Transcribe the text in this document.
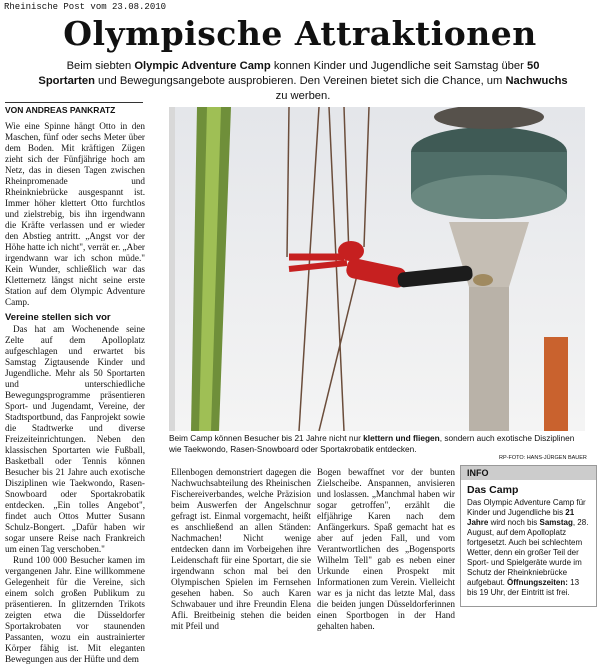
Rheinische Post vom 23.08.2010
Olympische Attraktionen
Beim siebten Olympic Adventure Camp konnen Kinder und Jugendliche seit Samstag über 50 Sportarten und Bewegungsangebote ausprobieren. Den Vereinen bietet sich die Chance, um Nachwuchs zu werben.
VON ANDREAS PANKRATZ

Wie eine Spinne hängt Otto in den Maschen, fünf oder sechs Meter über dem Boden. Mit kräftigen Zügen zieht sich der Fünfjährige hoch am Netz, das in diesen Tagen zwischen Rheinpromenade und Rheinkniebrücke ausgespannt ist. Immer höher klettert Otto furchtlos und zielstrebig, bis ihn irgendwann die Kräfte verlassen und er wieder den Abstieg antritt. „Angst vor der Höhe hatte ich nicht", verrät er. „Aber irgendwann war ich schon müde." Kein Wunder, schließlich war das Kletternetz längst nicht seine erste Station auf dem Olympic Adventure Camp.

Vereine stellen sich vor

Das hat am Wochenende seine Zelte auf dem Apolloplatz aufgeschlagen und erwartet bis Samstag Zigtausende Kinder und Jugendliche. Mehr als 50 Sportarten und unterschiedliche Bewegungsprogramme präsentieren Sport- und Jugendamt, Vereine, der Stadtsportbund, das Fanprojekt sowie die Stadtwerke und diverse Freizeiteinrichtungen. Neben den klassischen Sportarten wie Fußball, Basketball oder Tennis können Besucher bis 21 Jahre auch exotische Disziplinen wie Taekwondo, Rasen-Snowboard oder Sportakrobatik entdecken. „Ein tolles Angebot", findet auch Ottos Mutter Susann Schulz-Bongert. „Dafür haben wir sogar unsere Reise nach Frankreich um einen Tag verschoben."

Rund 100 000 Besucher kamen im vergangenen Jahr. Eine willkommene Gelegenheit für die Vereine, sich einem solch großen Publikum zu präsentieren. In glitzernden Trikots zeigten etwa die Düsseldorfer Sportakrobaten vor staunenden Passanten, wozu ein austrainierter Körper fähig ist. Mit eleganten Bewegungen aus der Hüfte und dem

Beim Camp können Besucher bis 21 Jahre nicht nur klettern und fliegen, sondern auch exotische Disziplinen wie Taekwondo, Rasen-Snowboard oder Sportakrobatik entdecken.
RP-FOTO: HANS-JÜRGEN BAUER

Ellenbogen demonstriert dagegen die Nachwuchsabteilung des Rheinischen Fischereiverbandes, welche Präzision beim Auswerfen der Angelschnur gefragt ist. Einmal vorgemacht, heißt es anschließend an allen Ständen: Nachmachen! Nicht wenige entdecken dann im Vorbeigehen ihre Leidenschaft für eine Sportart, die sie irgendwann schon mal bei den Olympischen Spielen im Fernsehen gesehen haben. So auch Karen Schwabauer und ihre Freundin Elena Afli. Breitbeinig stehen die beiden mit Pfeil und

Bogen bewaffnet vor der bunten Zielscheibe. Anspannen, anvisieren und loslassen. „Manchmal haben wir sogar getroffen", erzählt die elfjährige Karen nach dem Anfängerkurs. Spaß gemacht hat es aber auf jeden Fall, und vom Verantwortlichen des „Bogensports Wilhelm Tell" gab es neben einer Urkunde einen Prospekt mit Informationen zum Verein. Vielleicht war es ja nicht das letzte Mal, dass die beiden jungen Düsseldorferinnen einen Sportbogen in der Hand gehalten haben.

INFO
Das Camp
Das Olympic Adventure Camp für Kinder und Jugendliche bis 21 Jahre wird noch bis Samstag, 28. August, auf dem Apolloplatz fortgesetzt. Auch bei schlechtem Wetter, denn ein großer Teil der Sport- und Spielgeräte wurde im Schutz der Rheinkniebrücke aufgebaut. Öffnungszeiten: 13 bis 19 Uhr, der Eintritt ist frei.
